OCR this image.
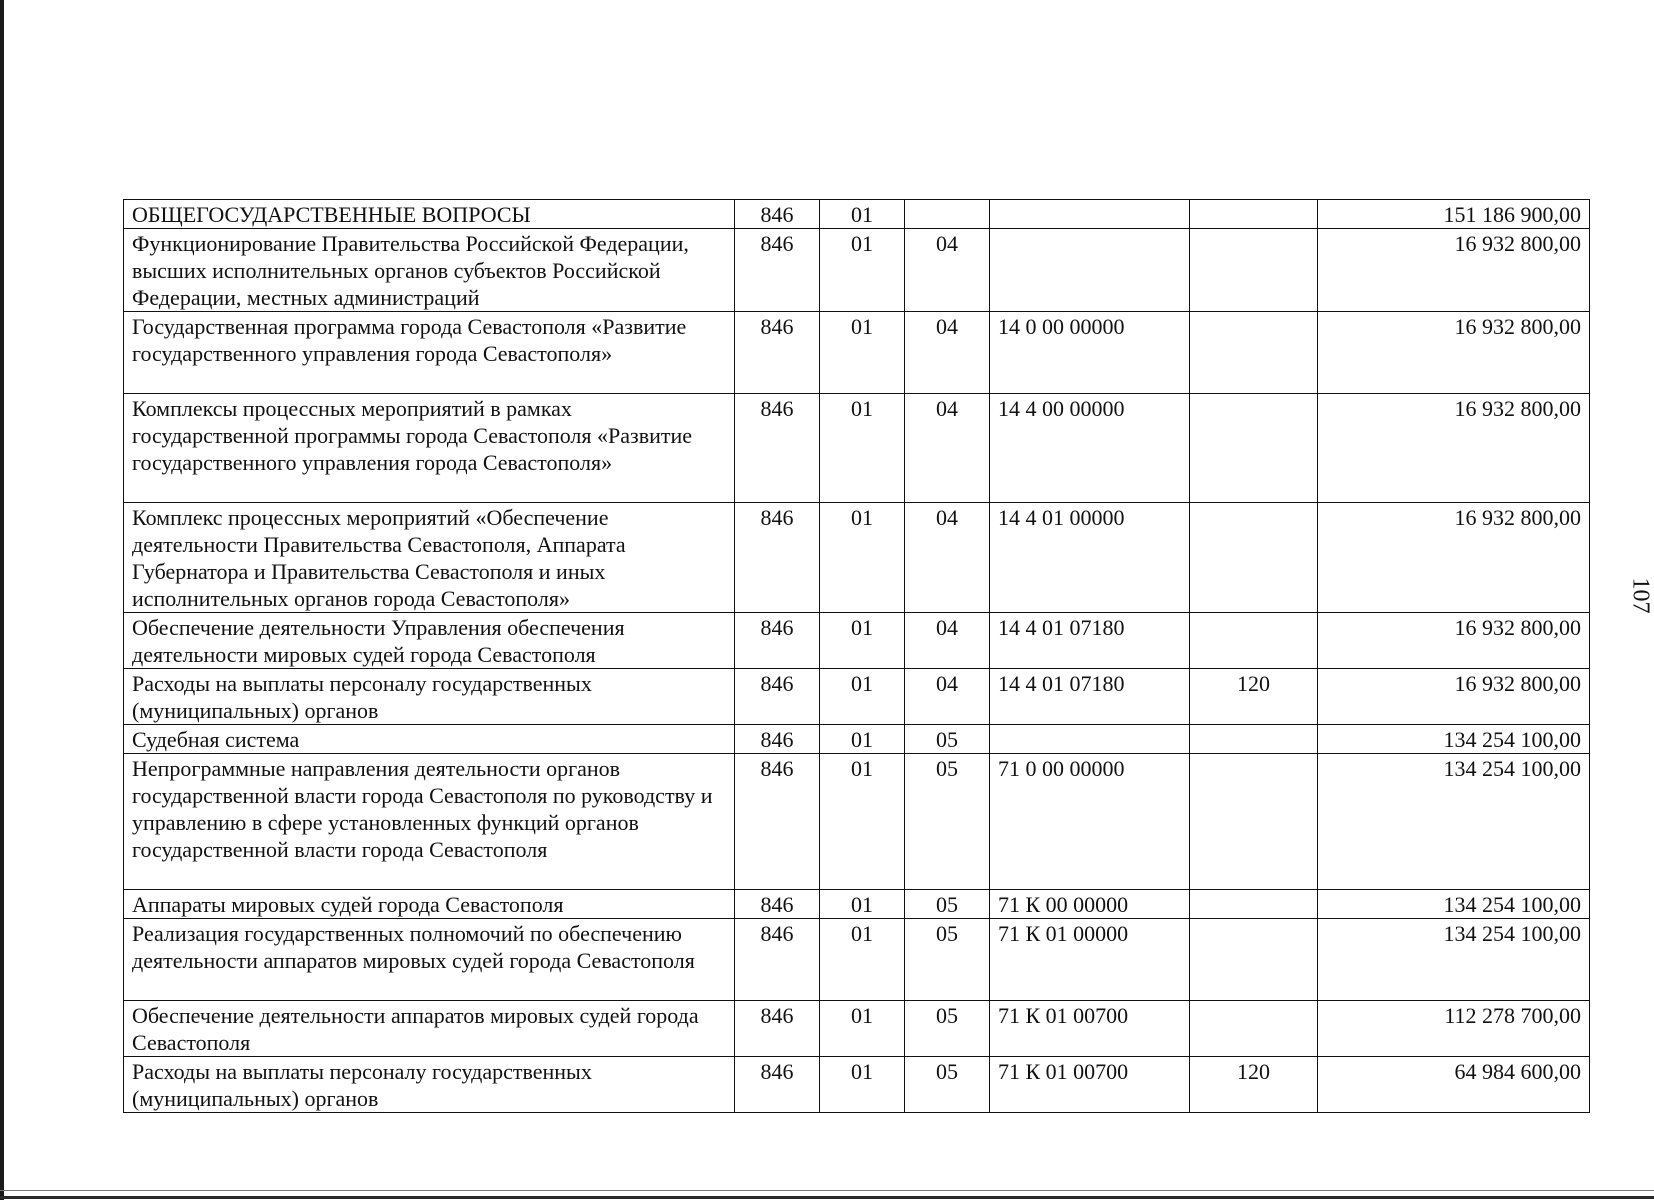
107
ОБЩЕГОСУДАРСТВЕННЫЕ ВОПРОСЫ	846	01				151 186 900,00
Функционирование Правительства Российской Федерации, высших исполнительных органов субъектов Российской Федерации, местных администраций	846	01	04			16 932 800,00
Государственная программа города Севастополя «Развитие государственного управления города Севастополя»	846	01	04	14 0 00 00000		16 932 800,00
Комплексы процессных мероприятий в рамках государственной программы города Севастополя «Развитие государственного управления города Севастополя»	846	01	04	14 4 00 00000		16 932 800,00
Комплекс процессных мероприятий «Обеспечение деятельности Правительства Севастополя, Аппарата Губернатора и Правительства Севастополя и иных исполнительных органов города Севастополя»	846	01	04	14 4 01 00000		16 932 800,00
Обеспечение деятельности Управления обеспечения деятельности мировых судей города Севастополя	846	01	04	14 4 01 07180		16 932 800,00
Расходы на выплаты персоналу государственных (муниципальных) органов	846	01	04	14 4 01 07180	120	16 932 800,00
Судебная система	846	01	05			134 254 100,00
Непрограммные направления деятельности органов государственной власти города Севастополя по руководству и управлению в сфере установленных функций органов государственной власти города Севастополя	846	01	05	71 0 00 00000		134 254 100,00
Аппараты мировых судей города Севастополя	846	01	05	71 К 00 00000		134 254 100,00
Реализация государственных полномочий по обеспечению деятельности аппаратов мировых судей города Севастополя	846	01	05	71 К 01 00000		134 254 100,00
Обеспечение деятельности аппаратов мировых судей города Севастополя	846	01	05	71 К 01 00700		112 278 700,00
Расходы на выплаты персоналу государственных (муниципальных) органов	846	01	05	71 К 01 00700	120	64 984 600,00
